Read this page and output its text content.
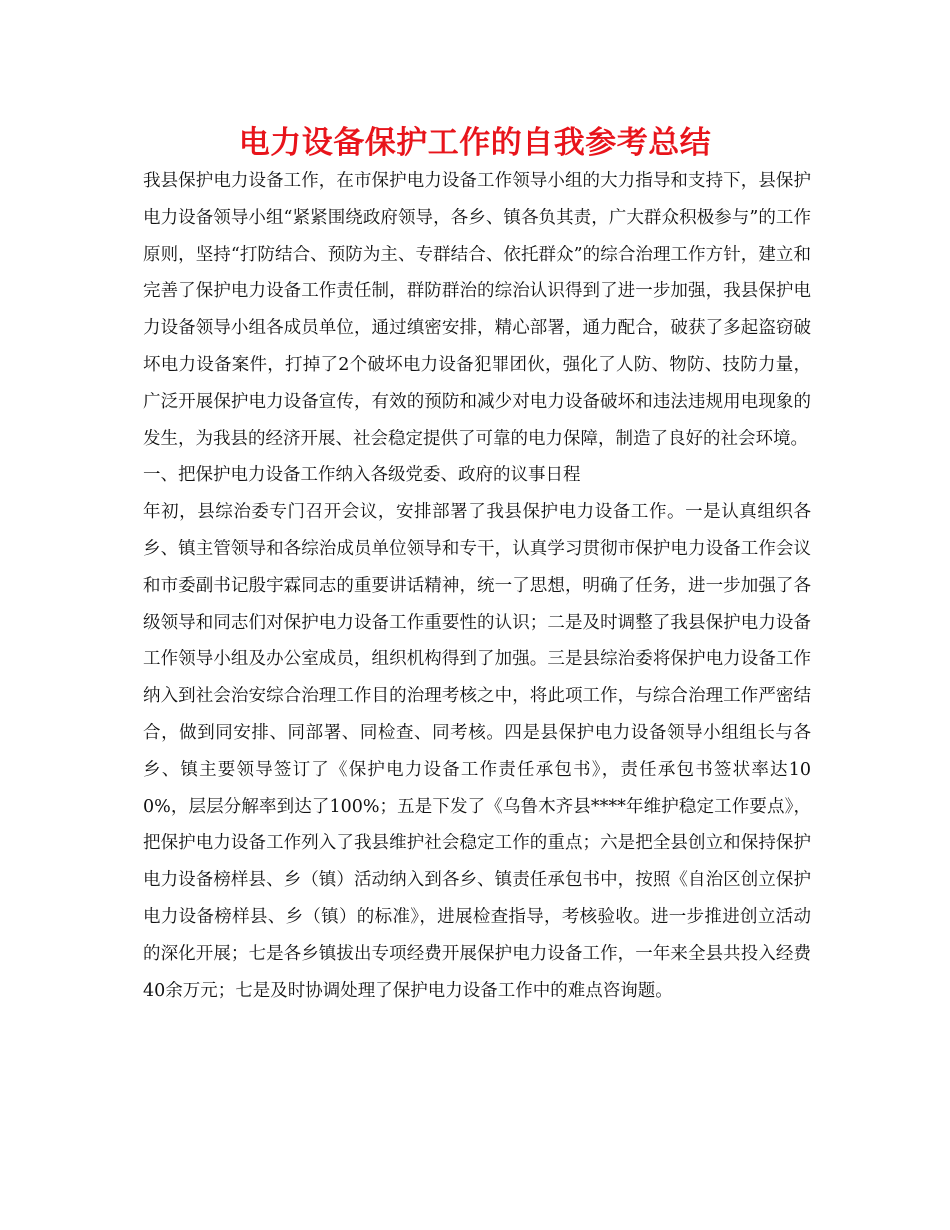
电力设备保护工作的自我参考总结

我县保护电力设备工作，在市保护电力设备工作领导小组的大力指导和支持下，县保护电力设备领导小组“紧紧围绕政府领导，各乡、镇各负其责，广大群众积极参与”的工作原则，坚持“打防结合、预防为主、专群结合、依托群众”的综合治理工作方针，建立和完善了保护电力设备工作责任制，群防群治的综治认识得到了进一步加强，我县保护电力设备领导小组各成员单位，通过缜密安排，精心部署，通力配合，破获了多起盗窃破坏电力设备案件，打掉了2个破坏电力设备犯罪团伙，强化了人防、物防、技防力量，广泛开展保护电力设备宣传，有效的预防和减少对电力设备破坏和违法违规用电现象的发生，为我县的经济开展、社会稳定提供了可靠的电力保障，制造了良好的社会环境。

一、把保护电力设备工作纳入各级党委、政府的议事日程

年初，县综治委专门召开会议，安排部署了我县保护电力设备工作。一是认真组织各乡、镇主管领导和各综治成员单位领导和专干，认真学习贯彻市保护电力设备工作会议和市委副书记殷宇霖同志的重要讲话精神，统一了思想，明确了任务，进一步加强了各级领导和同志们对保护电力设备工作重要性的认识；二是及时调整了我县保护电力设备工作领导小组及办公室成员，组织机构得到了加强。三是县综治委将保护电力设备工作纳入到社会治安综合治理工作目的治理考核之中，将此项工作，与综合治理工作严密结合，做到同安排、同部署、同检查、同考核。四是县保护电力设备领导小组组长与各乡、镇主要领导签订了《保护电力设备工作责任承包书》，责任承包书签状率达100%，层层分解率到达了100%；五是下发了《乌鲁木齐县****年维护稳定工作要点》，把保护电力设备工作列入了我县维护社会稳定工作的重点；六是把全县创立和保持保护电力设备榜样县、乡（镇）活动纳入到各乡、镇责任承包书中，按照《自治区创立保护电力设备榜样县、乡（镇）的标准》，进展检查指导，考核验收。进一步推进创立活动的深化开展；七是各乡镇拔出专项经费开展保护电力设备工作，一年来全县共投入经费40余万元；七是及时协调处理了保护电力设备工作中的难点咨询题。
